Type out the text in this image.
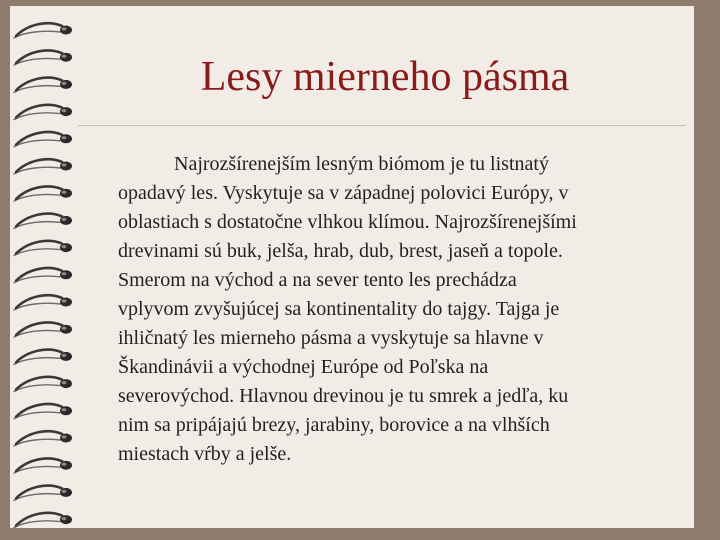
Lesy mierneho pásma

Najrozšírenejším lesným biómom je tu listnatý
opadavý les. Vyskytuje sa v západnej polovici Európy, v
oblastiach s dostatočne vlhkou klímou. Najrozšírenejšími
drevinami sú buk, jelša, hrab, dub, brest, jaseň a topole.
Smerom na východ a na sever tento les prechádza
vplyvom zvyšujúcej sa kontinentality do tajgy. Tajga je
ihličnatý les mierneho pásma a vyskytuje sa hlavne v
Škandinávii a východnej Európe od Poľska na
severovýchod. Hlavnou drevinou je tu smrek a jedľa, ku
nim sa pripájajú brezy, jarabiny, borovice a na vlhších
miestach vŕby a jelše.
